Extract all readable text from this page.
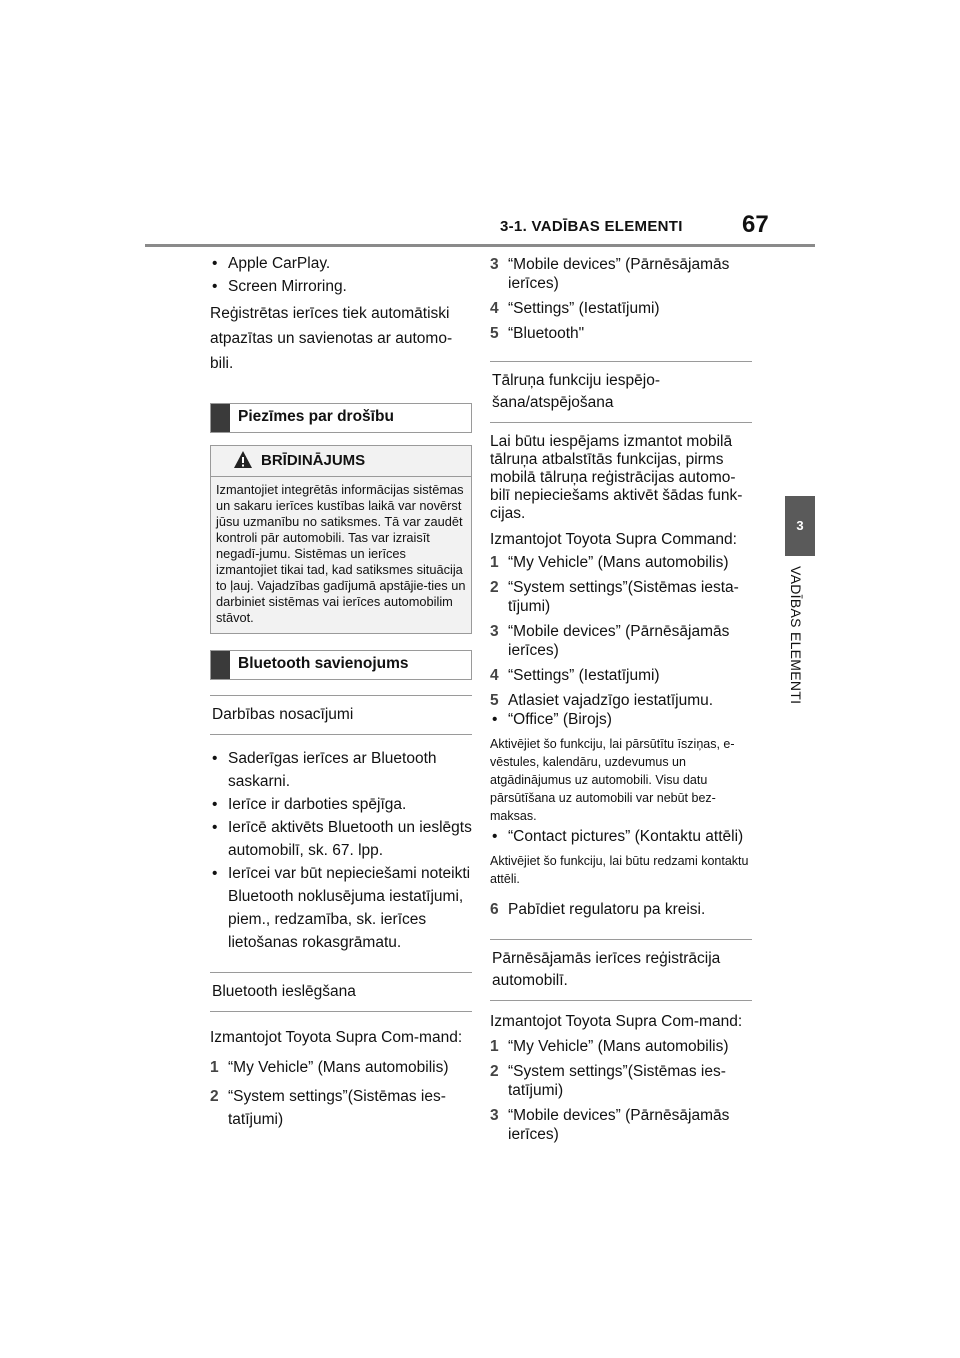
3-1. VADĪBAS ELEMENTI 67
3
VADĪBAS ELEMENTI
• Apple CarPlay.
• Screen Mirroring.
Reģistrētas ierīces tiek automātiski atpazītas un savienotas ar automo-bili.
Piezīmes par drošību
BRĪDINĀJUMS
Izmantojiet integrētās informācijas sistēmas un sakaru ierīces kustības laikā var novērst jūsu uzmanību no satiksmes. Tā var zaudēt kontroli pār automobili. Tas var izraisīt negadī-jumu. Sistēmas un ierīces izmantojiet tikai tad, kad satiksmes situācija to ļauj. Vajadzības gadījumā apstājie-ties un darbiniet sistēmas vai ierīces automobilim stāvot.
Bluetooth savienojums
Darbības nosacījumi
• Saderīgas ierīces ar Bluetooth saskarni.
• Ierīce ir darboties spējīga.
• Ierīcē aktivēts Bluetooth un ieslēgts automobilī, sk. 67. lpp.
• Ierīcei var būt nepieciešami noteikti Bluetooth noklusējuma iestatījumi, piem., redzamība, sk. ierīces lietošanas rokasgrāmatu.
Bluetooth ieslēgšana
Izmantojot Toyota Supra Com-mand:
1 “My Vehicle” (Mans automobilis)
2 “System settings”(Sistēmas ies-tatījumi)
3 “Mobile devices” (Pārnēsājamās ierīces)
4 “Settings” (Iestatījumi)
5 “Bluetooth"
Tālruņa funkciju iespējo-šana/atspējošana
Lai būtu iespējams izmantot mobilā tālruņa atbalstītās funkcijas, pirms mobilā tālruņa reģistrācijas automo-bilī nepieciešams aktivēt šādas funk-cijas.
Izmantojot Toyota Supra Command:
1 “My Vehicle” (Mans automobilis)
2 “System settings”(Sistēmas iesta-tījumi)
3 “Mobile devices” (Pārnēsājamās ierīces)
4 “Settings” (Iestatījumi)
5 Atlasiet vajadzīgo iestatījumu.
• “Office” (Birojs)
Aktivējiet šo funkciju, lai pārsūtītu īsziņas, e-vēstules, kalendāru, uzdevumus un atgādinājumus uz automobili. Visu datu pārsūtīšana uz automobili var nebūt bez-maksas.
• “Contact pictures” (Kontaktu attēli)
Aktivējiet šo funkciju, lai būtu redzami kontaktu attēli.
6 Pabīdiet regulatoru pa kreisi.
Pārnēsājamās ierīces reģistrācija automobilī.
Izmantojot Toyota Supra Com-mand:
1 “My Vehicle” (Mans automobilis)
2 “System settings”(Sistēmas ies-tatījumi)
3 “Mobile devices” (Pārnēsājamās ierīces)
